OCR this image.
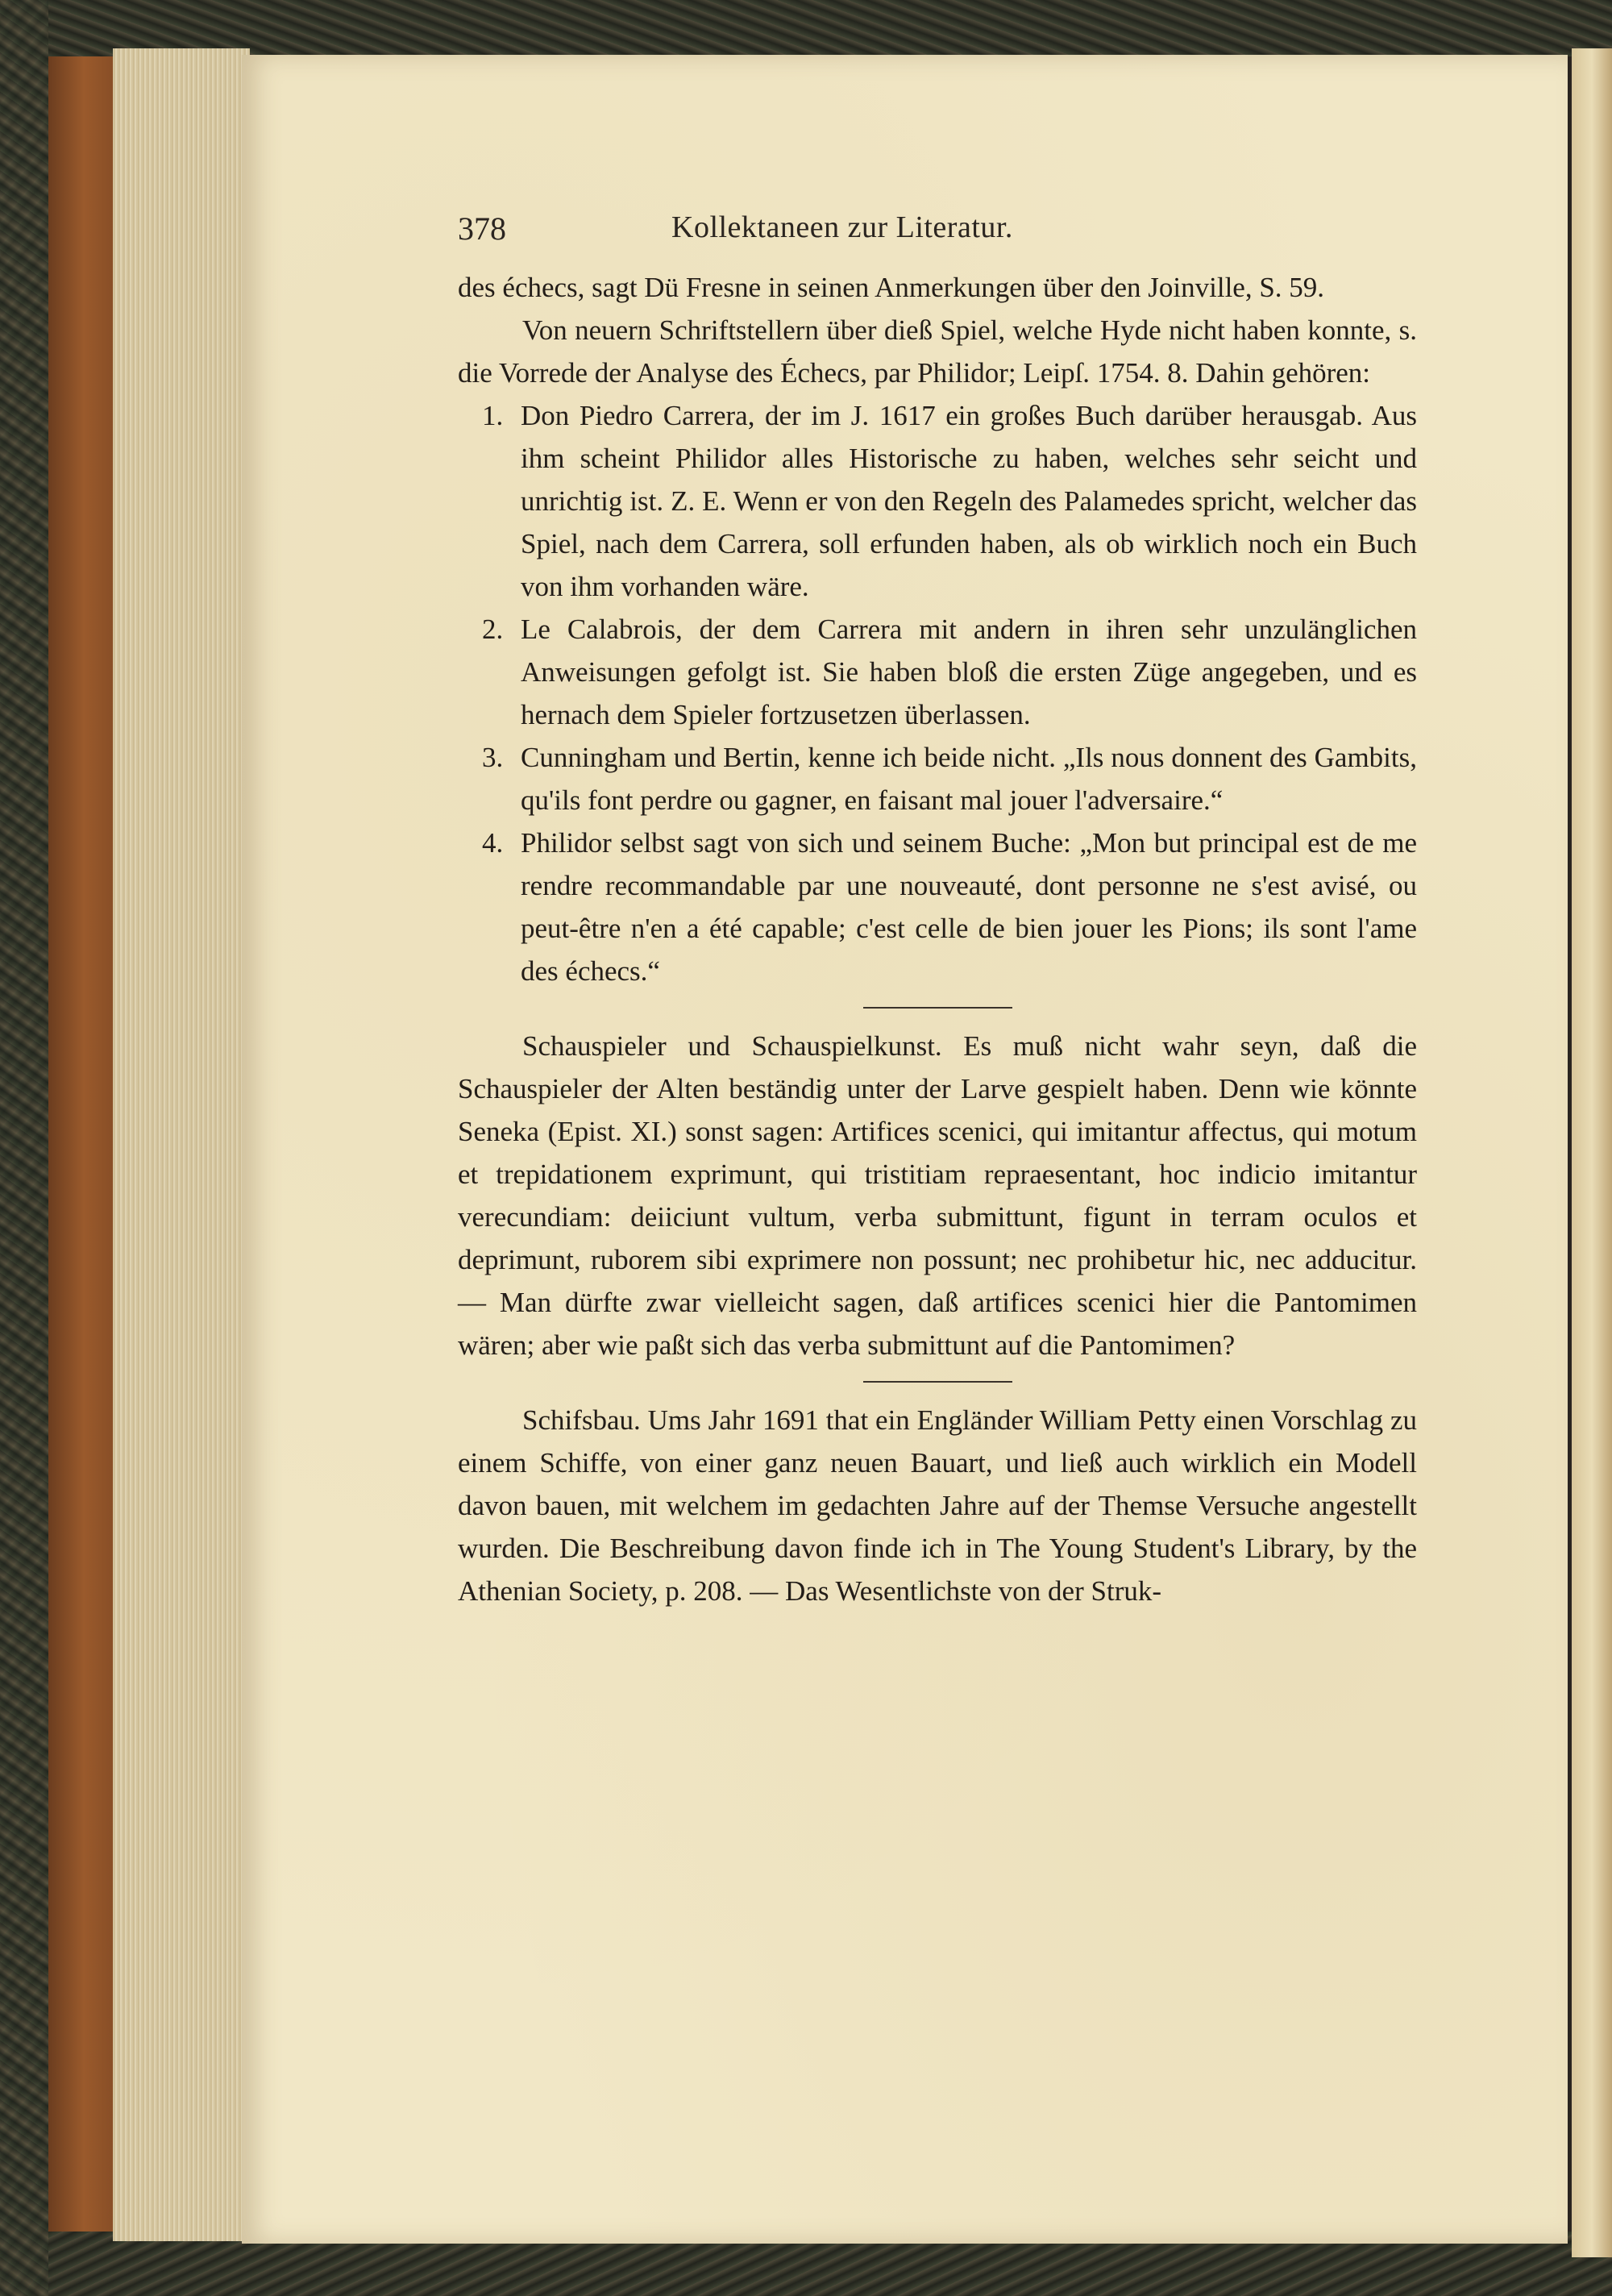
378	Kollektaneen zur Literatur.

des échecs, sagt Dü Fresne in seinen Anmerkungen über den Joinville, S. 59.

Von neuern Schriftstellern über dieß Spiel, welche Hyde nicht haben konnte, s. die Vorrede der Analyse des Échecs, par Philidor; Leipſ. 1754. 8. Dahin gehören:

1. Don Piedro Carrera, der im J. 1617 ein großes Buch darüber herausgab. Aus ihm scheint Philidor alles Historische zu haben, welches sehr seicht und unrichtig ist. Z. E. Wenn er von den Regeln des Palamedes spricht, welcher das Spiel, nach dem Carrera, soll erfunden haben, als ob wirklich noch ein Buch von ihm vorhanden wäre.

2. Le Calabrois, der dem Carrera mit andern in ihren sehr unzulänglichen Anweisungen gefolgt ist. Sie haben bloß die ersten Züge angegeben, und es hernach dem Spieler fortzusetzen überlassen.

3. Cunningham und Bertin, kenne ich beide nicht. „Ils nous donnent des Gambits, qu'ils font perdre ou gagner, en faisant mal jouer l'adversaire.“

4. Philidor selbst sagt von sich und seinem Buche: „Mon but principal est de me rendre recommandable par une nouveauté, dont personne ne s'est avisé, ou peut-être n'en a été capable; c'est celle de bien jouer les Pions; ils sont l'ame des échecs.“

Schauspieler und Schauspielkunst. Es muß nicht wahr seyn, daß die Schauspieler der Alten beständig unter der Larve gespielt haben. Denn wie könnte Seneka (Epist. XI.) sonst sagen: Artifices scenici, qui imitantur affectus, qui motum et trepidationem exprimunt, qui tristitiam repraesentant, hoc indicio imitantur verecundiam: deiiciunt vultum, verba submittunt, figunt in terram oculos et deprimunt, ruborem sibi exprimere non possunt; nec prohibetur hic, nec adducitur. — Man dürfte zwar vielleicht sagen, daß artifices scenici hier die Pantomimen wären; aber wie paßt sich das verba submittunt auf die Pantomimen?

Schifsbau. Ums Jahr 1691 that ein Engländer William Petty einen Vorschlag zu einem Schiffe, von einer ganz neuen Bauart, und ließ auch wirklich ein Modell davon bauen, mit welchem im gedachten Jahre auf der Themse Versuche angestellt wurden. Die Beschreibung davon finde ich in The Young Student's Library, by the Athenian Society, p. 208. — Das Wesentlichste von der Struk-
